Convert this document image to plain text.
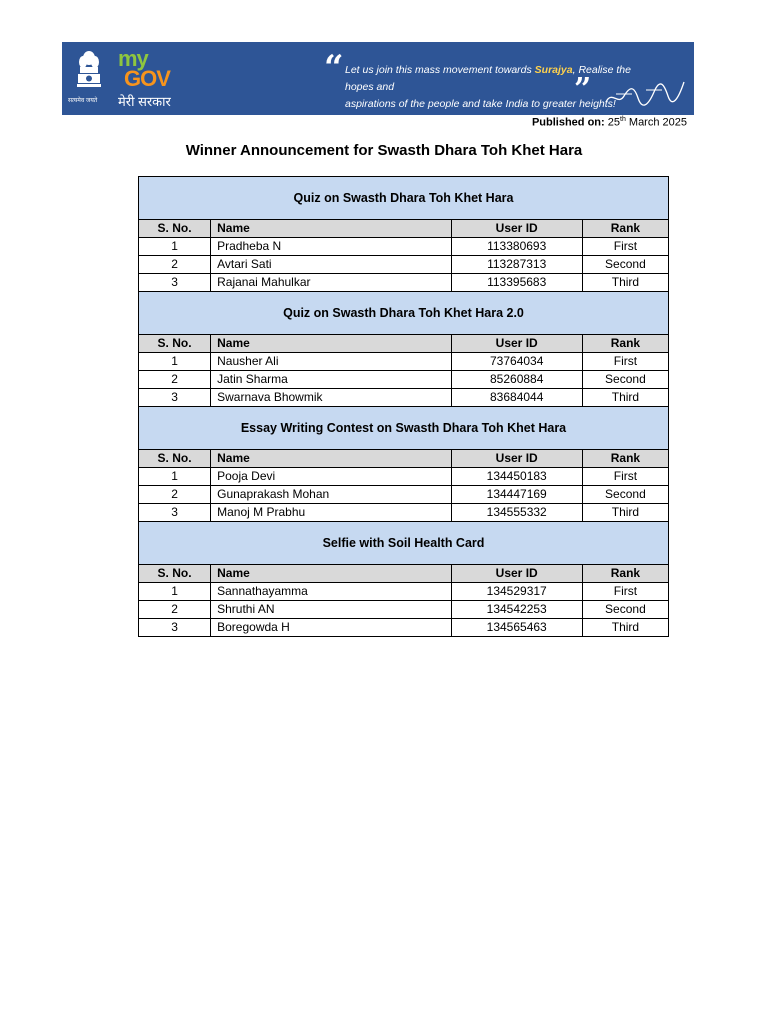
सत्यमेव जयते
my
GOV
मेरी सरकार
“ Let us join this mass movement towards Surajya, Realise the hopes and
aspirations of the people and take India to greater heights!
”
Published on: 25th March 2025
Winner Announcement for Swasth Dhara Toh Khet Hara
Quiz on Swasth Dhara Toh Khet Hara			
S. No.	Name	User ID	Rank
1	Pradheba N	113380693	First
2	Avtari Sati	113287313	Second
3	Rajanai Mahulkar	113395683	Third
Quiz on Swasth Dhara Toh Khet Hara 2.0			
S. No.	Name	User ID	Rank
1	Nausher Ali	73764034	First
2	Jatin Sharma	85260884	Second
3	Swarnava Bhowmik	83684044	Third
Essay Writing Contest on Swasth Dhara Toh Khet Hara			
S. No.	Name	User ID	Rank
1	Pooja Devi	134450183	First
2	Gunaprakash Mohan	134447169	Second
3	Manoj M Prabhu	134555332	Third
Selfie with Soil Health Card			
S. No.	Name	User ID	Rank
1	Sannathayamma	134529317	First
2	Shruthi AN	134542253	Second
3	Boregowda H	134565463	Third
